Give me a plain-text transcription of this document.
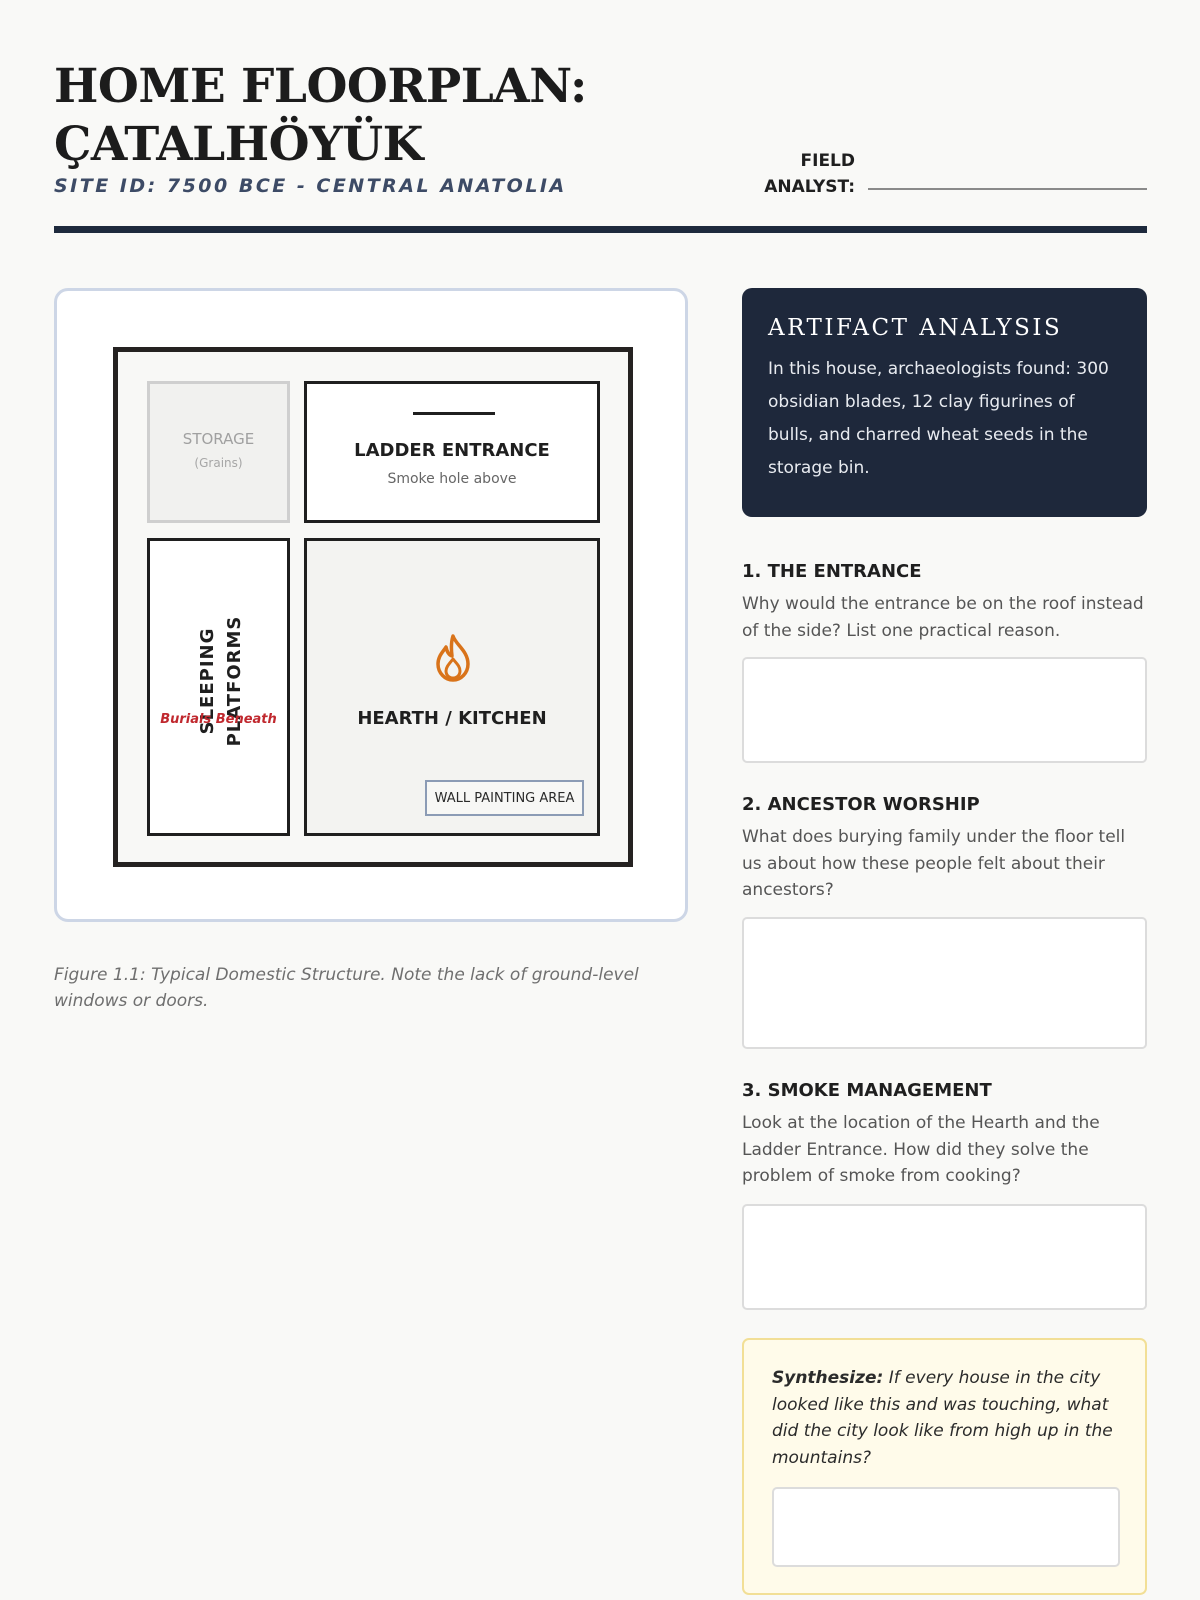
HOME FLOORPLAN: ÇATALHÖYÜK
SITE ID: 7500 BCE - CENTRAL ANATOLIA
FIELD ANALYST:
STORAGE
(Grains)
LADDER ENTRANCE
Smoke hole above
SLEEPING PLATFORMS
Burials Beneath	HEARTH / KITCHEN
WALL PAINTING AREA
Figure 1.1: Typical Domestic Structure. Note the lack of ground-level windows or doors.
ARTIFACT ANALYSIS
In this house, archaeologists found: 300 obsidian blades, 12 clay figurines of bulls, and charred wheat seeds in the storage bin.
1. THE ENTRANCE
Why would the entrance be on the roof instead of the side? List one practical reason.
2. ANCESTOR WORSHIP
What does burying family under the floor tell us about how these people felt about their ancestors?
3. SMOKE MANAGEMENT
Look at the location of the Hearth and the Ladder Entrance. How did they solve the problem of smoke from cooking?
Synthesize: If every house in the city looked like this and was touching, what did the city look like from high up in the mountains?
